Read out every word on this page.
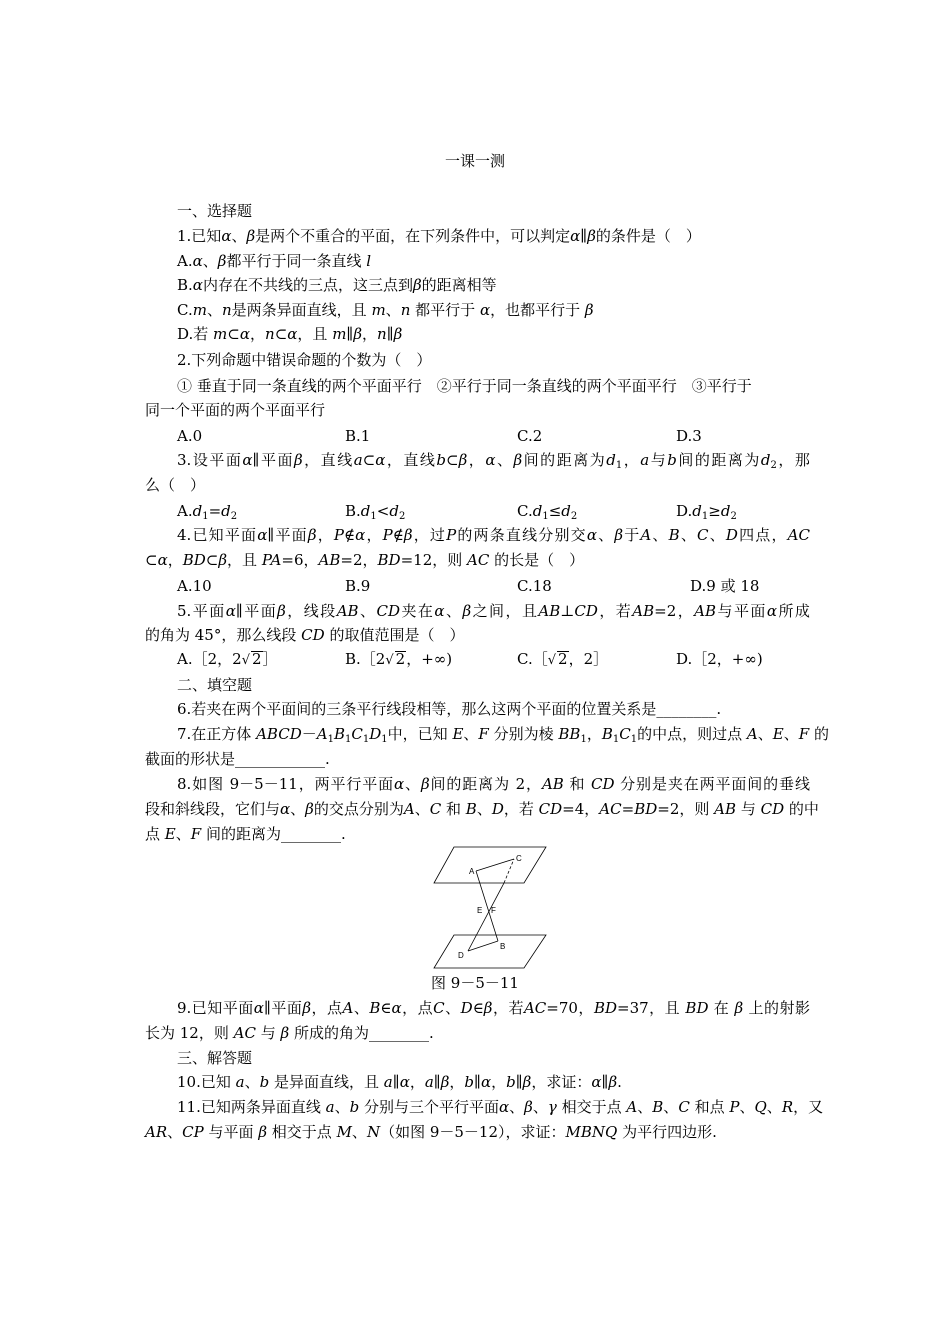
一课一测
一、选择题
1.已知α、β是两个不重合的平面，在下列条件中，可以判定α∥β的条件是（　）
A.α、β都平行于同一条直线 l
B.α内存在不共线的三点，这三点到β的距离相等
C.m、n是两条异面直线，且 m、n 都平行于 α，也都平行于 β
D.若 m⊂α，n⊂α，且 m∥β，n∥β
2.下列命题中错误命题的个数为（　）
① 垂直于同一条直线的两个平面平行　②平行于同一条直线的两个平面平行　③平行于
同一个平面的两个平面平行
A.0	B.1	C.2	D.3
3.设平面α∥平面β，直线a⊂α，直线b⊂β，α、β间的距离为$d_1$，a与b间的距离为$d_2$，那
么（　）
$A.d_1=d_2$	$B.d_1<d_2$	$C.d_1\le d_2$	$D.d_1\ge d_2$
4.已知平面α∥平面β，P∉α，P∉β，过P的两条直线分别交α、β于A、B、C、D四点，AC
⊂α，BD⊂β，且 PA=6，AB=2，BD=12，则 AC 的长是（　）
A.10	B.9	C.18	D.9 或 18
5.平面α∥平面β，线段AB、CD夹在α、β之间，且AB⊥CD，若AB=2，AB与平面α所成
的角为 45°，那么线段 CD 的取值范围是（　）
A.［2，2√ 2］	B.［2√ 2，+∞)	C.［√ 2，2］	D.［2，+∞)
二、填空题
6.若夹在两个平面间的三条平行线段相等，那么这两个平面的位置关系是________.
7.在正方体 $ABCD-A_1B_1C_1D_1$中，已知 E、F 分别为棱 $BB_1$，$B_1C_1$的中点，则过点 A、E、F 的
截面的形状是____________.
8.如图 9－5－11，两平行平面α、β间的距离为 2，AB 和 CD 分别是夹在两平面间的垂线
段和斜线段，它们与α、β的交点分别为A、C 和 B、D，若 CD=4，AC=BD=2，则 AB 与 CD 的中
点 E、F 间的距离为________.
A
C
E F
D
B
图 9－5－11
9.已知平面α∥平面β，点A、B∈α，点C、D∈β，若AC=70，BD=37，且 BD 在 β 上的射影
长为 12，则 AC 与 β 所成的角为________.
三、解答题
10.已知 a、b 是异面直线，且 a∥α，a∥β，b∥α，b∥β，求证：α∥β.
11.已知两条异面直线 a、b 分别与三个平行平面α、β、γ 相交于点 A、B、C 和点 P、Q、R，又
AR、CP 与平面 β 相交于点 M、N（如图 9－5－12），求证：MBNQ 为平行四边形.
